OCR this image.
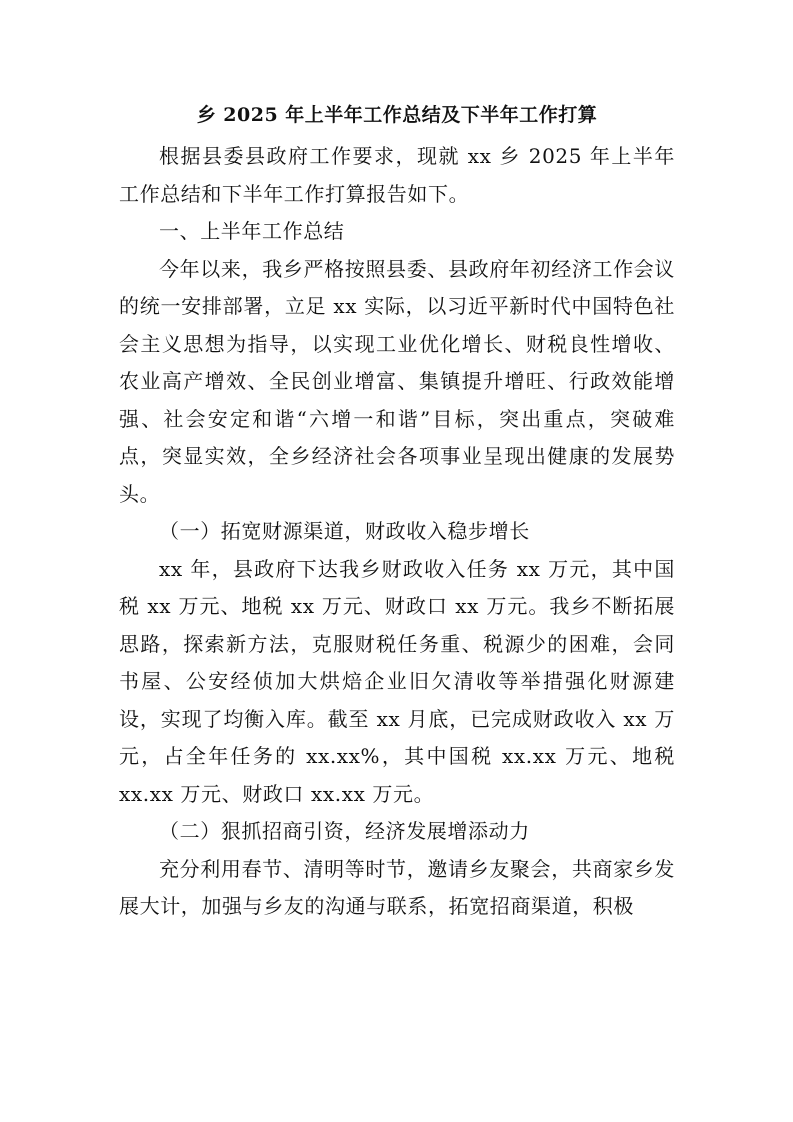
乡 2025 年上半年工作总结及下半年工作打算

根据县委县政府工作要求，现就 xx 乡 2025 年上半年工作总结和下半年工作打算报告如下。

一、上半年工作总结

今年以来，我乡严格按照县委、县政府年初经济工作会议的统一安排部署，立足 xx 实际，以习近平新时代中国特色社会主义思想为指导，以实现工业优化增长、财税良性增收、农业高产增效、全民创业增富、集镇提升增旺、行政效能增强、社会安定和谐“六增一和谐”目标，突出重点，突破难点，突显实效，全乡经济社会各项事业呈现出健康的发展势头。

（一）拓宽财源渠道，财政收入稳步增长

xx 年，县政府下达我乡财政收入任务 xx 万元，其中国税 xx 万元、地税 xx 万元、财政口 xx 万元。我乡不断拓展思路，探索新方法，克服财税任务重、税源少的困难，会同书屋、公安经侦加大烘焙企业旧欠清收等举措强化财源建设，实现了均衡入库。截至 xx 月底，已完成财政收入 xx 万元，占全年任务的 xx.xx%，其中国税 xx.xx 万元、地税 xx.xx 万元、财政口 xx.xx 万元。

（二）狠抓招商引资，经济发展增添动力

充分利用春节、清明等时节，邀请乡友聚会，共商家乡发展大计，加强与乡友的沟通与联系，拓宽招商渠道，积极
